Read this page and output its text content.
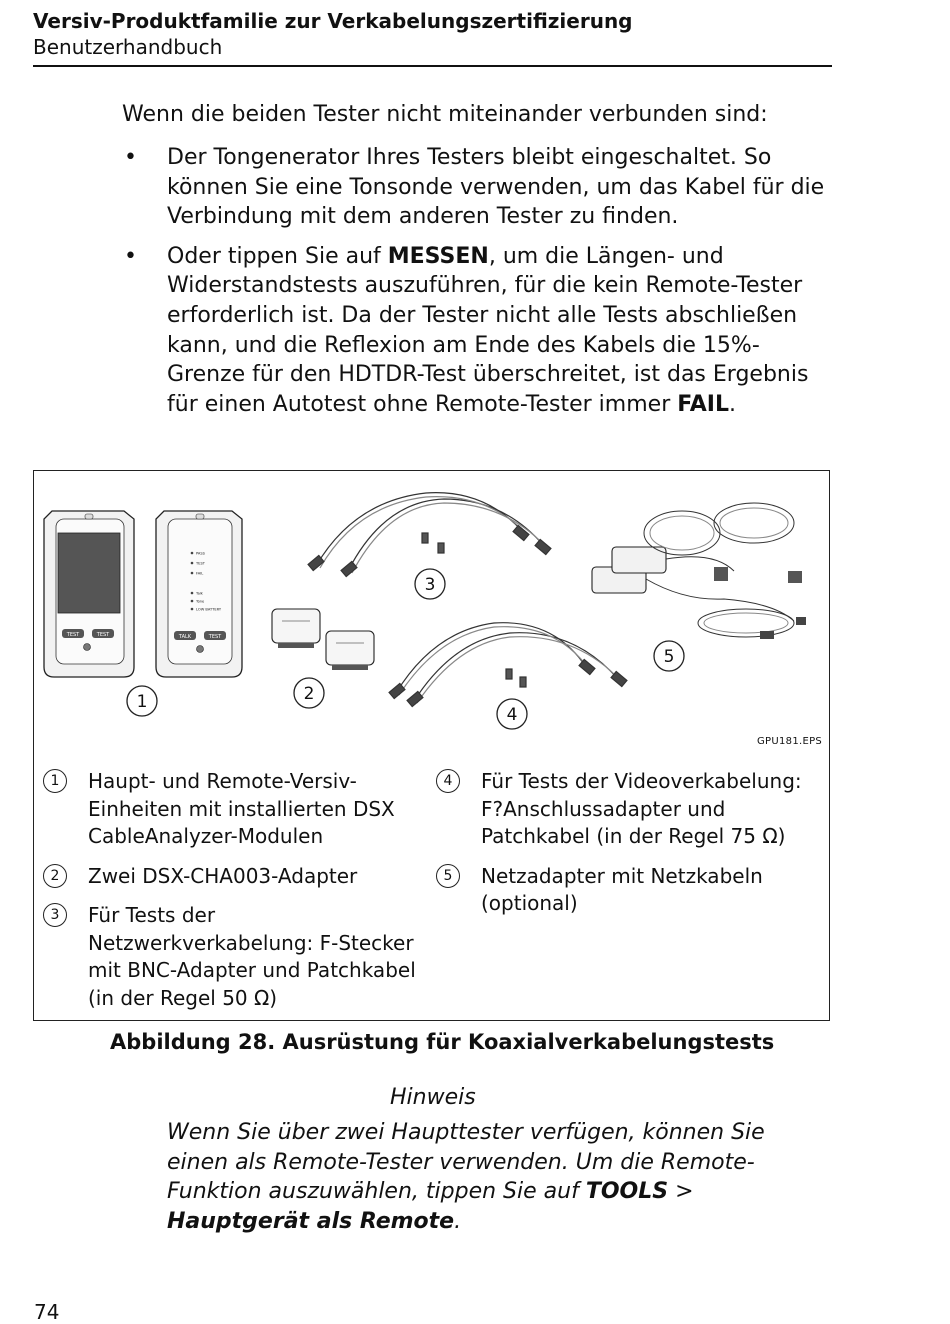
Versiv-Produktfamilie zur Verkabelungszertifizierung
Benutzerhandbuch
Wenn die beiden Tester nicht miteinander verbunden sind:
• Der Tongenerator Ihres Testers bleibt eingeschaltet. So können Sie eine Tonsonde verwenden, um das Kabel für die Verbindung mit dem anderen Tester zu finden.
• Oder tippen Sie auf MESSEN, um die Längen- und Widerstandstests auszuführen, für die kein Remote-Tester erforderlich ist. Da der Tester nicht alle Tests abschließen kann, und die Reflexion am Ende des Kabels die 15%-Grenze für den HDTDR-Test überschreitet, ist das Ergebnis für einen Autotest ohne Remote-Tester immer FAIL.
TEST	TEST
PASS
TEST
FAIL
Talk
Tone
LOW BATTERY
TALK	TEST
1	2
3
4
5
GPU181.EPS
1	Haupt- und Remote-Versiv-Einheiten mit installierten DSX CableAnalyzer-Modulen
2	Zwei DSX-CHA003-Adapter
3	Für Tests der Netzwerkverkabelung: F-Stecker mit BNC-Adapter und Patchkabel (in der Regel 50 Ω)
4	Für Tests der Videoverkabelung: F?Anschlussadapter und Patchkabel (in der Regel 75 Ω)
5	Netzadapter mit Netzkabeln (optional)
Abbildung 28. Ausrüstung für Koaxialverkabelungstests
Hinweis
Wenn Sie über zwei Haupttester verfügen, können Sie einen als Remote-Tester verwenden. Um die Remote-Funktion auszuwählen, tippen Sie auf TOOLS > Hauptgerät als Remote.
74
